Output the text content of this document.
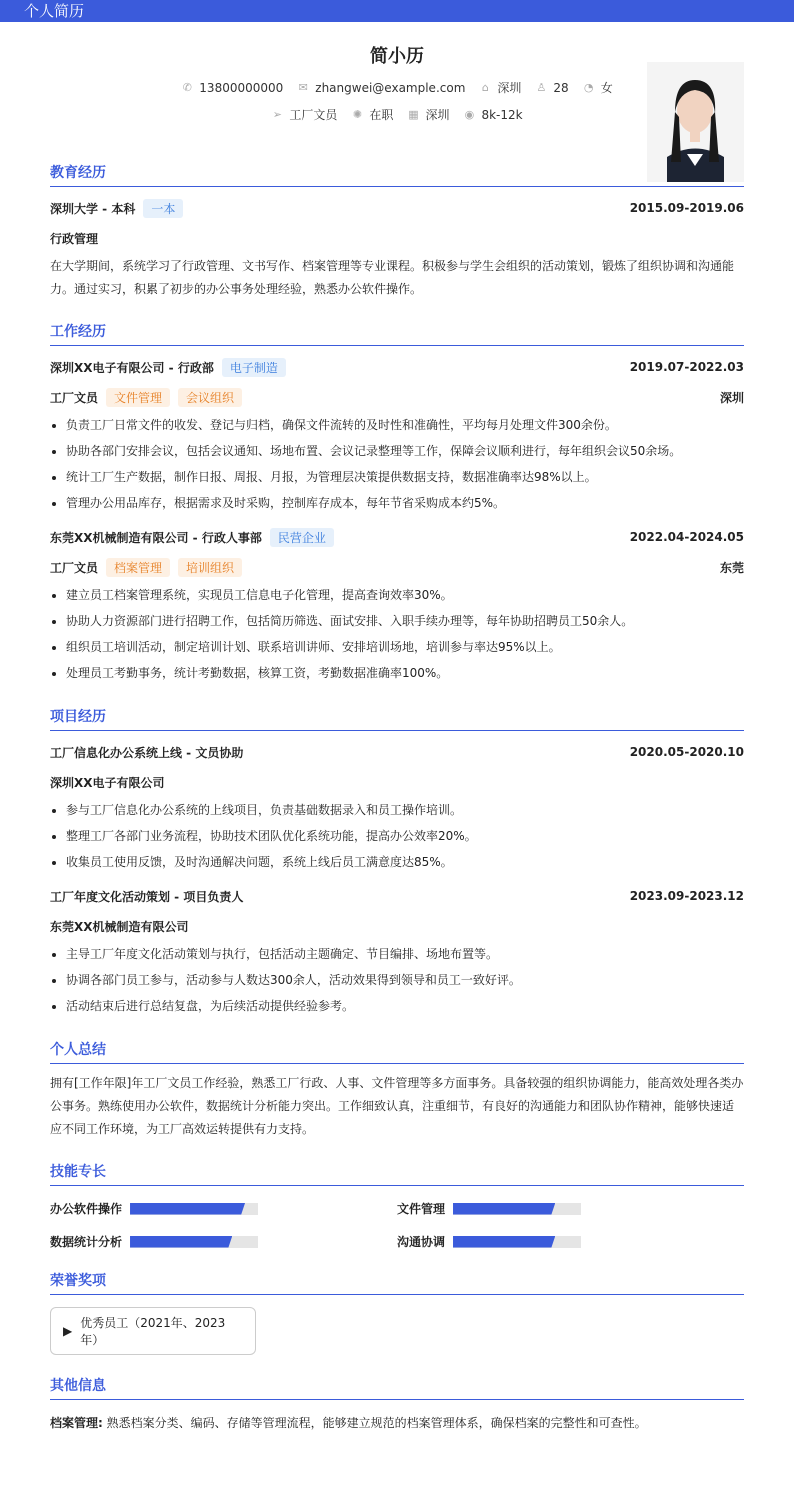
个人简历
简小历
✆ 13800000000 ✉ zhangwei@example.com ⌂ 深圳 ♙ 28 ◔ 女
➢ 工厂文员 ✺ 在职 ▦ 深圳 ◉ 8k-12k
教育经历
深圳大学 - 本科	一本	2015.09-2019.06
行政管理

在大学期间，系统学习了行政管理、文书写作、档案管理等专业课程。积极参与学生会组织的活动策划，锻炼了组织协调和沟通能力。通过实习，积累了初步的办公事务处理经验，熟悉办公软件操作。

工作经历
深圳XX电子有限公司 - 行政部	电子制造	2019.07-2022.03
工厂文员	文件管理	会议组织	深圳
• 负责工厂日常文件的收发、登记与归档，确保文件流转的及时性和准确性，平均每月处理文件300余份。
• 协助各部门安排会议，包括会议通知、场地布置、会议记录整理等工作，保障会议顺利进行，每年组织会议50余场。
• 统计工厂生产数据，制作日报、周报、月报，为管理层决策提供数据支持，数据准确率达98%以上。
• 管理办公用品库存，根据需求及时采购，控制库存成本，每年节省采购成本约5%。
东莞XX机械制造有限公司 - 行政人事部	民营企业	2022.04-2024.05
工厂文员	档案管理	培训组织	东莞
• 建立员工档案管理系统，实现员工信息电子化管理，提高查询效率30%。
• 协助人力资源部门进行招聘工作，包括简历筛选、面试安排、入职手续办理等，每年协助招聘员工50余人。
• 组织员工培训活动，制定培训计划、联系培训讲师、安排培训场地，培训参与率达95%以上。
• 处理员工考勤事务，统计考勤数据，核算工资，考勤数据准确率100%。
项目经历
工厂信息化办公系统上线 - 文员协助	2020.05-2020.10
深圳XX电子有限公司
• 参与工厂信息化办公系统的上线项目，负责基础数据录入和员工操作培训。
• 整理工厂各部门业务流程，协助技术团队优化系统功能，提高办公效率20%。
• 收集员工使用反馈，及时沟通解决问题，系统上线后员工满意度达85%。
工厂年度文化活动策划 - 项目负责人	2023.09-2023.12
东莞XX机械制造有限公司
• 主导工厂年度文化活动策划与执行，包括活动主题确定、节目编排、场地布置等。
• 协调各部门员工参与，活动参与人数达300余人，活动效果得到领导和员工一致好评。
• 活动结束后进行总结复盘，为后续活动提供经验参考。
个人总结

拥有[工作年限]年工厂文员工作经验，熟悉工厂行政、人事、文件管理等多方面事务。具备较强的组织协调能力，能高效处理各类办公事务。熟练使用办公软件，数据统计分析能力突出。工作细致认真，注重细节，有良好的沟通能力和团队协作精神，能够快速适应不同工作环境，为工厂高效运转提供有力支持。

技能专长
办公软件操作	文件管理
数据统计分析	沟通协调
荣誉奖项
▶
优秀员工（2021年、2023年）
其他信息
档案管理: 熟悉档案分类、编码、存储等管理流程，能够建立规范的档案管理体系，确保档案的完整性和可查性。
